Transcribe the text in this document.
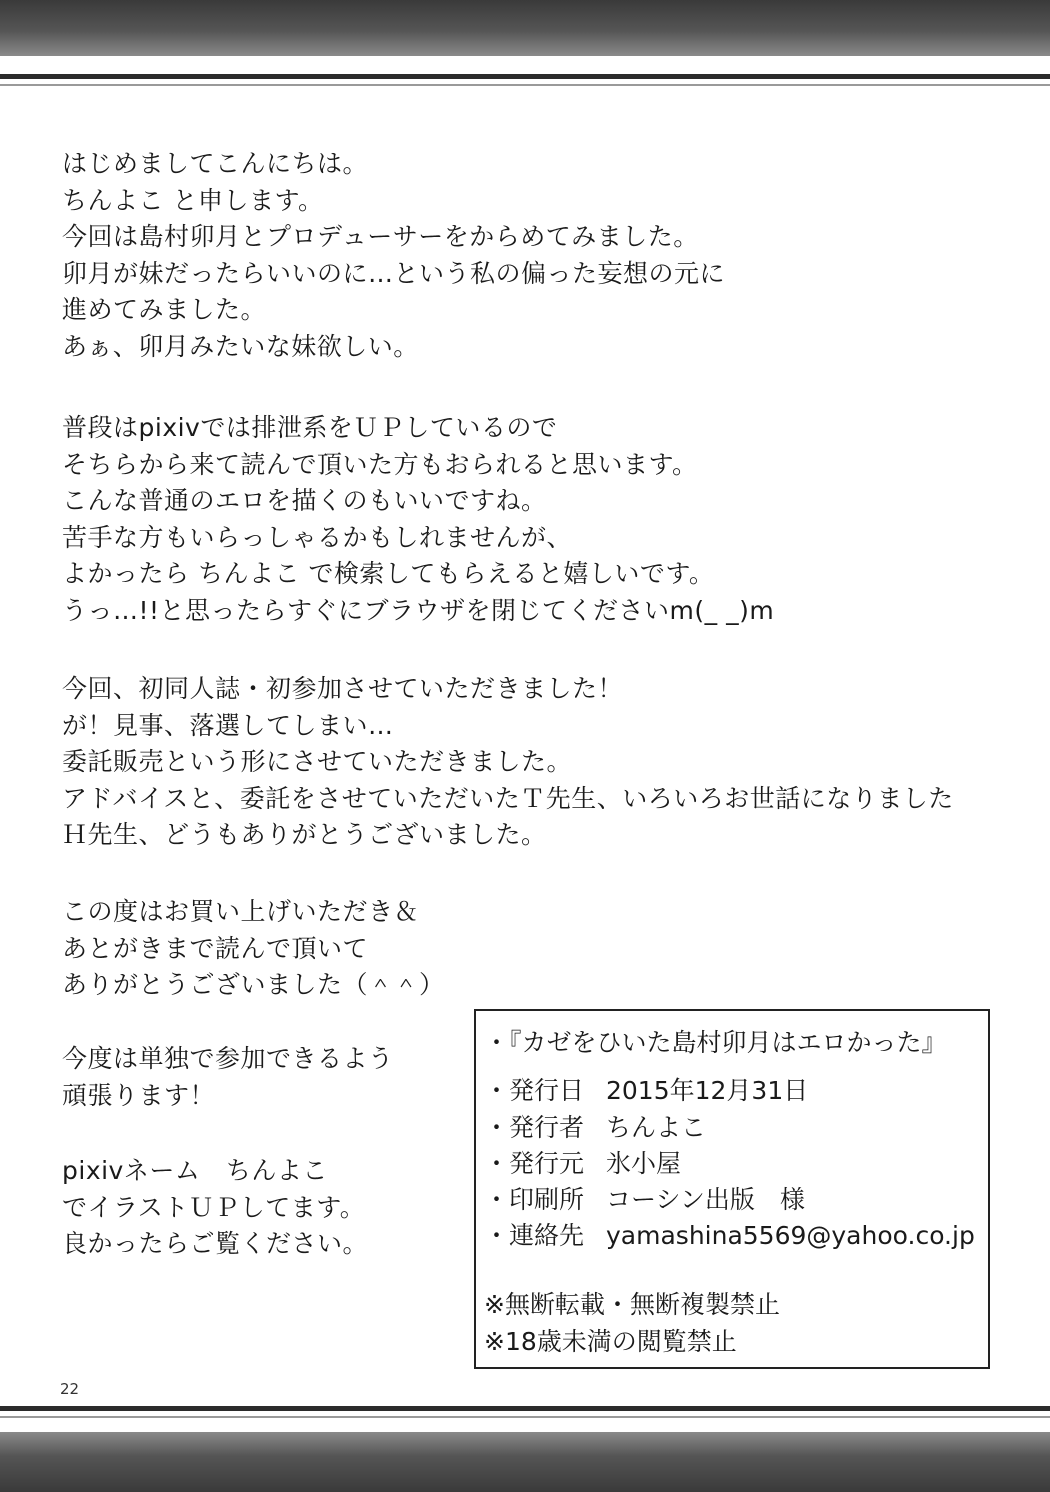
はじめましてこんにちは。
ちんよこ と申します。
今回は島村卯月とプロデューサーをからめてみました。
卯月が妹だったらいいのに…という私の偏った妄想の元に
進めてみました。
あぁ、卯月みたいな妹欲しい。
普段はpixivでは排泄系をＵＰしているので
そちらから来て読んで頂いた方もおられると思います。
こんな普通のエロを描くのもいいですね。
苦手な方もいらっしゃるかもしれませんが、
よかったら ちんよこ で検索してもらえると嬉しいです。
うっ…!!と思ったらすぐにブラウザを閉じてくださいm(_ _)m
今回、初同人誌・初参加させていただきました！
が！見事、落選してしまい…
委託販売という形にさせていただきました。
アドバイスと、委託をさせていただいたＴ先生、いろいろお世話になりました
Ｈ先生、どうもありがとうございました。
この度はお買い上げいただき＆
あとがきまで読んで頂いて
ありがとうございました（＾＾）
今度は単独で参加できるよう
頑張ります！
pixivネーム　ちんよこ
でイラストＵＰしてます。
良かったらご覧ください。
・『カゼをひいた島村卯月はエロかった』
・発行日 2015年12月31日
・発行者 ちんよこ
・発行元 氷小屋
・印刷所 コーシン出版　様
・連絡先 yamashina5569@yahoo.co.jp
※無断転載・無断複製禁止
※18歳未満の閲覧禁止
22
